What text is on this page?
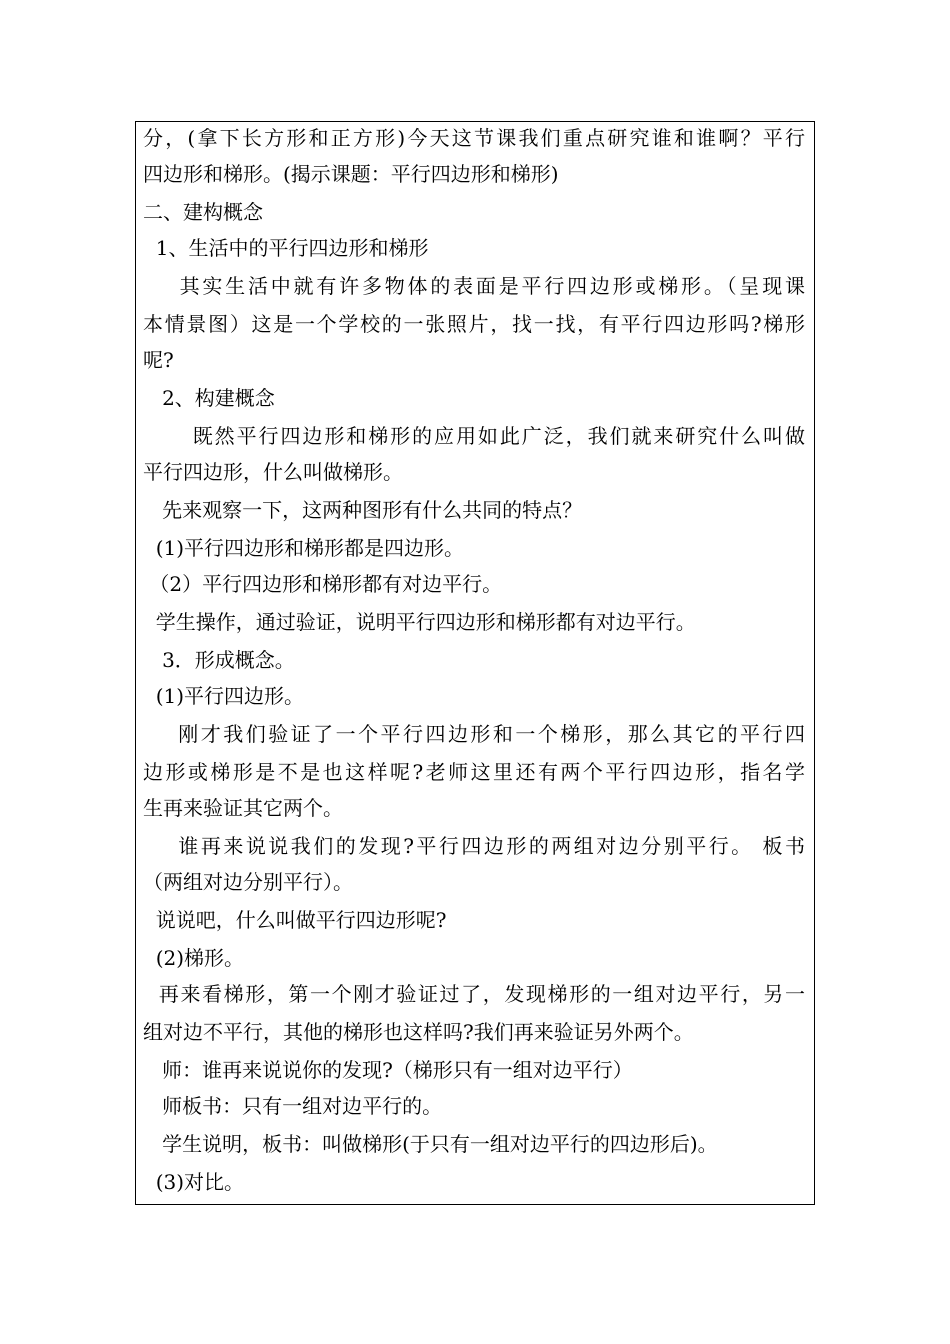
分，(拿下长方形和正方形)今天这节课我们重点研究谁和谁啊？平行
四边形和梯形。(揭示课题：平行四边形和梯形)
二、建构概念
1、生活中的平行四边形和梯形
其实生活中就有许多物体的表面是平行四边形或梯形。（呈现课
本情景图）这是一个学校的一张照片，找一找，有平行四边形吗?梯形
呢?
2、构建概念
既然平行四边形和梯形的应用如此广泛，我们就来研究什么叫做
平行四边形，什么叫做梯形。
先来观察一下，这两种图形有什么共同的特点？
(1)平行四边形和梯形都是四边形。
（2）平行四边形和梯形都有对边平行。
学生操作，通过验证，说明平行四边形和梯形都有对边平行。
3．形成概念。
(1)平行四边形。
刚才我们验证了一个平行四边形和一个梯形，那么其它的平行四
边形或梯形是不是也这样呢?老师这里还有两个平行四边形，指名学
生再来验证其它两个。
谁再来说说我们的发现?平行四边形的两组对边分别平行。 板书
（两组对边分别平行）。
说说吧，什么叫做平行四边形呢?
(2)梯形。
再来看梯形，第一个刚才验证过了，发现梯形的一组对边平行，另一
组对边不平行，其他的梯形也这样吗?我们再来验证另外两个。
师：谁再来说说你的发现?（梯形只有一组对边平行）
师板书：只有一组对边平行的。
学生说明，板书：叫做梯形(于只有一组对边平行的四边形后)。
(3)对比。
